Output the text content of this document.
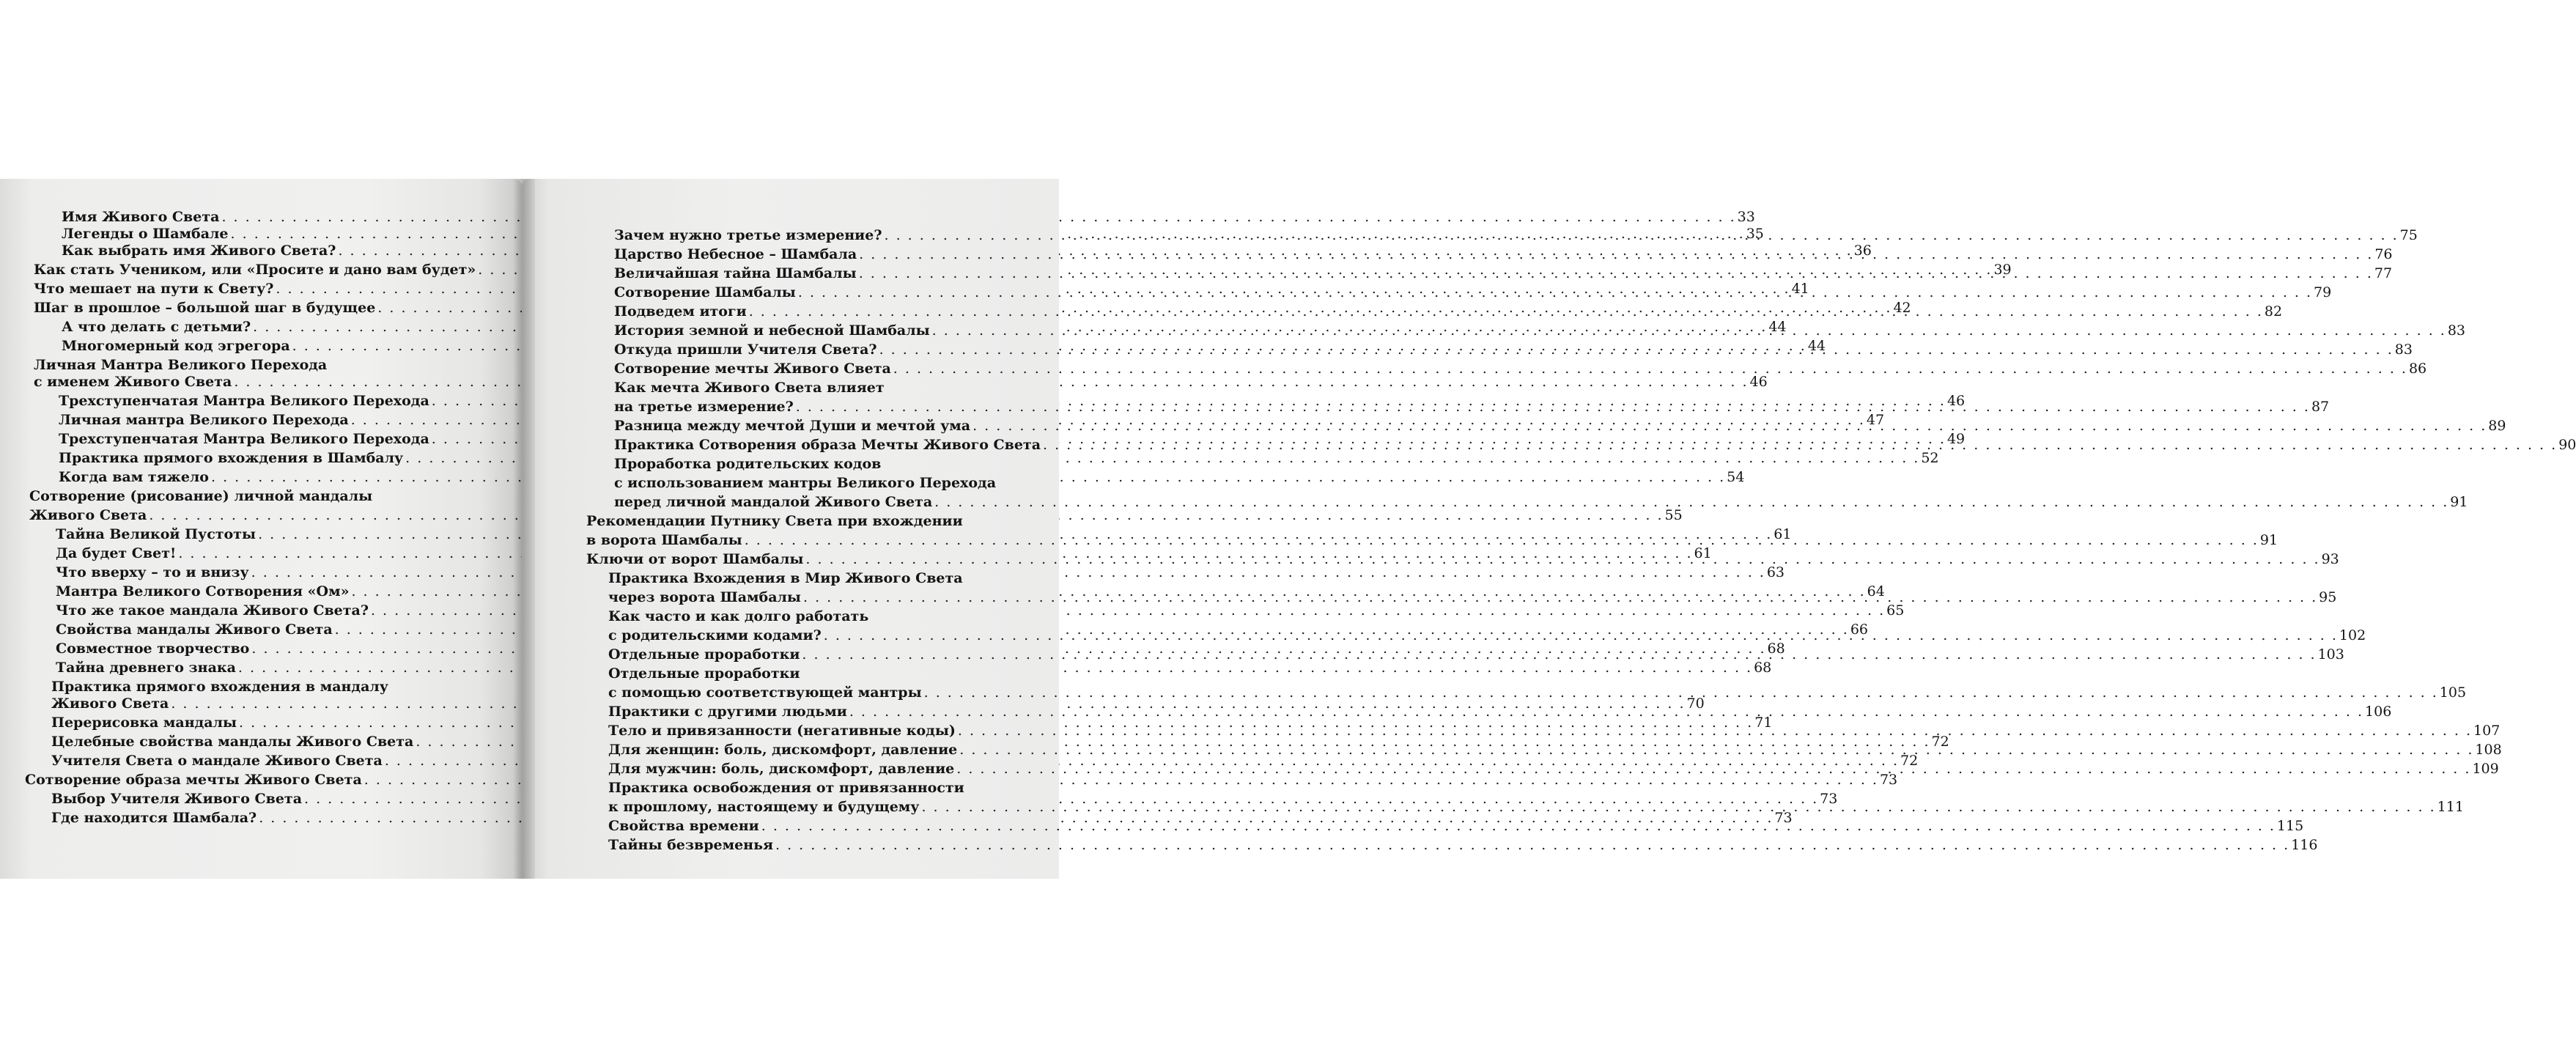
Имя Живого Света . . .	33
Легенды о Шамбале . . .	35
Как выбрать имя Живого Света? . . .	36
Как стать Учеником, или «Просите и дано вам будет» . . .	39
Что мешает на пути к Свету? . . .	41
Шаг в прошлое – большой шаг в будущее . . .	42
А что делать с детьми? . . .	44
Многомерный код эгрегора . . .	44
Личная Мантра Великого Перехода
с именем Живого Света . . .	46
Трехступенчатая Мантра Великого Перехода . . .	46
Личная мантра Великого Перехода . . .	47
Трехступенчатая Мантра Великого Перехода . . .	49
Практика прямого вхождения в Шамбалу . . .	52
Когда вам тяжело . . .	54
Сотворение (рисование) личной мандалы
Живого Света . . .	55
Тайна Великой Пустоты . . .	61
Да будет Свет! . . .	61
Что вверху – то и внизу . . .	63
Мантра Великого Сотворения «Ом» . . .	64
Что же такое мандала Живого Света? . . .	65
Свойства мандалы Живого Света . . .	66
Совместное творчество . . .	68
Тайна древнего знака . . .	68
Практика прямого вхождения в мандалу
Живого Света . . .	70
Перерисовка мандалы . . .	71
Целебные свойства мандалы Живого Света . . .	72
Учителя Света о мандале Живого Света . . .	72
Сотворение образа мечты Живого Света . . .	73
Выбор Учителя Живого Света . . .	73
Где находится Шамбала? . . .	73
Зачем нужно третье измерение? . . .	75
Царство Небесное – Шамбала . . .	76
Величайшая тайна Шамбалы . . .	77
Сотворение Шамбалы . . .	79
Подведем итоги . . .	82
История земной и небесной Шамбалы . . .	83
Откуда пришли Учителя Света? . . .	83
Сотворение мечты Живого Света . . .	86
Как мечта Живого Света влияет
на третье измерение? . . .	87
Разница между мечтой Души и мечтой ума . . .	89
Практика Сотворения образа Мечты Живого Света . . .	90
Проработка родительских кодов
с использованием мантры Великого Перехода
перед личной мандалой Живого Света . . .	91
Рекомендации Путнику Света при вхождении
в ворота Шамбалы . . .	91
Ключи от ворот Шамбалы . . .	93
Практика Вхождения в Мир Живого Света
через ворота Шамбалы . . .	95
Как часто и как долго работать
с родительскими кодами? . . .	102
Отдельные проработки . . .	103
Отдельные проработки
с помощью соответствующей мантры . . .	105
Практики с другими людьми . . .	106
Тело и привязанности (негативные коды) . . .	107
Для женщин: боль, дискомфорт, давление . . .	108
Для мужчин: боль, дискомфорт, давление . . .	109
Практика освобождения от привязанности
к прошлому, настоящему и будущему . . .	111
Свойства времени . . .	115
Тайны безвременья . . .	116
